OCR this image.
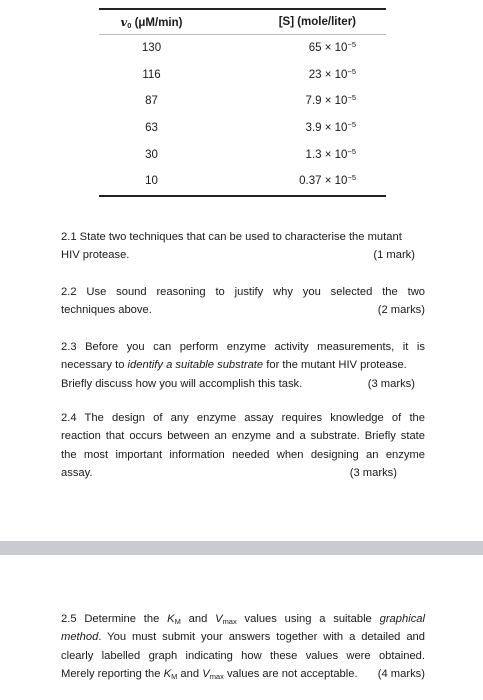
$v_0$ (μM/min)	[S] (mole/liter)
130	$65 \times 10^{-5}$
116	$23 \times 10^{-5}$
87	$7.9 \times 10^{-5}$
63	$3.9 \times 10^{-5}$
30	$1.3 \times 10^{-5}$
10	$0.37 \times 10^{-5}$
2.1 State two techniques that can be used to characterise the mutant
HIV protease.	(1 mark)
2.2 Use sound reasoning to justify why you selected the two
techniques above.	(2 marks)
2.3 Before you can perform enzyme activity measurements, it is
necessary to identify a suitable substrate for the mutant HIV protease.
Briefly discuss how you will accomplish this task.	(3 marks)
2.4 The design of any enzyme assay requires knowledge of the
reaction that occurs between an enzyme and a substrate. Briefly state
the most important information needed when designing an enzyme
assay.	(3 marks)
2.5 Determine the $K_M$ and $V_{max}$ values using a suitable graphical
method. You must submit your answers together with a detailed and
clearly labelled graph indicating how these values were obtained.
Merely reporting the $K_M$ and $V_{max}$ values are not acceptable. (4 marks)
